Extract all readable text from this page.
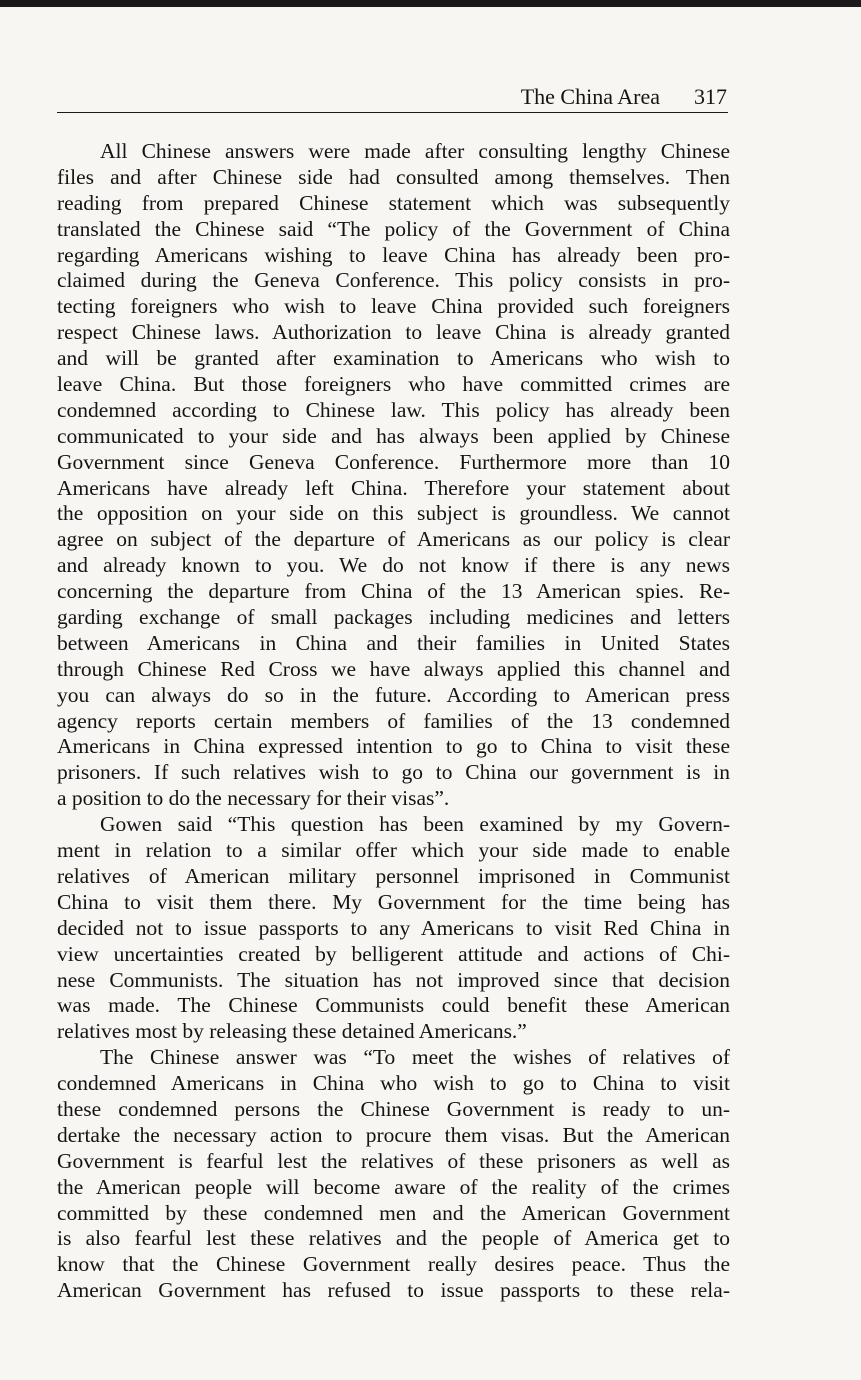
The China Area 317
All Chinese answers were made after consulting lengthy Chinese
files and after Chinese side had consulted among themselves. Then
reading from prepared Chinese statement which was subsequently
translated the Chinese said “The policy of the Government of China
regarding Americans wishing to leave China has already been pro-
claimed during the Geneva Conference. This policy consists in pro-
tecting foreigners who wish to leave China provided such foreigners
respect Chinese laws. Authorization to leave China is already granted
and will be granted after examination to Americans who wish to
leave China. But those foreigners who have committed crimes are
condemned according to Chinese law. This policy has already been
communicated to your side and has always been applied by Chinese
Government since Geneva Conference. Furthermore more than 10
Americans have already left China. Therefore your statement about
the opposition on your side on this subject is groundless. We cannot
agree on subject of the departure of Americans as our policy is clear
and already known to you. We do not know if there is any news
concerning the departure from China of the 13 American spies. Re-
garding exchange of small packages including medicines and letters
between Americans in China and their families in United States
through Chinese Red Cross we have always applied this channel and
you can always do so in the future. According to American press
agency reports certain members of families of the 13 condemned
Americans in China expressed intention to go to China to visit these
prisoners. If such relatives wish to go to China our government is in
a position to do the necessary for their visas”.
Gowen said “This question has been examined by my Govern-
ment in relation to a similar offer which your side made to enable
relatives of American military personnel imprisoned in Communist
China to visit them there. My Government for the time being has
decided not to issue passports to any Americans to visit Red China in
view uncertainties created by belligerent attitude and actions of Chi-
nese Communists. The situation has not improved since that decision
was made. The Chinese Communists could benefit these American
relatives most by releasing these detained Americans.”
The Chinese answer was “To meet the wishes of relatives of
condemned Americans in China who wish to go to China to visit
these condemned persons the Chinese Government is ready to un-
dertake the necessary action to procure them visas. But the American
Government is fearful lest the relatives of these prisoners as well as
the American people will become aware of the reality of the crimes
committed by these condemned men and the American Government
is also fearful lest these relatives and the people of America get to
know that the Chinese Government really desires peace. Thus the
American Government has refused to issue passports to these rela-
